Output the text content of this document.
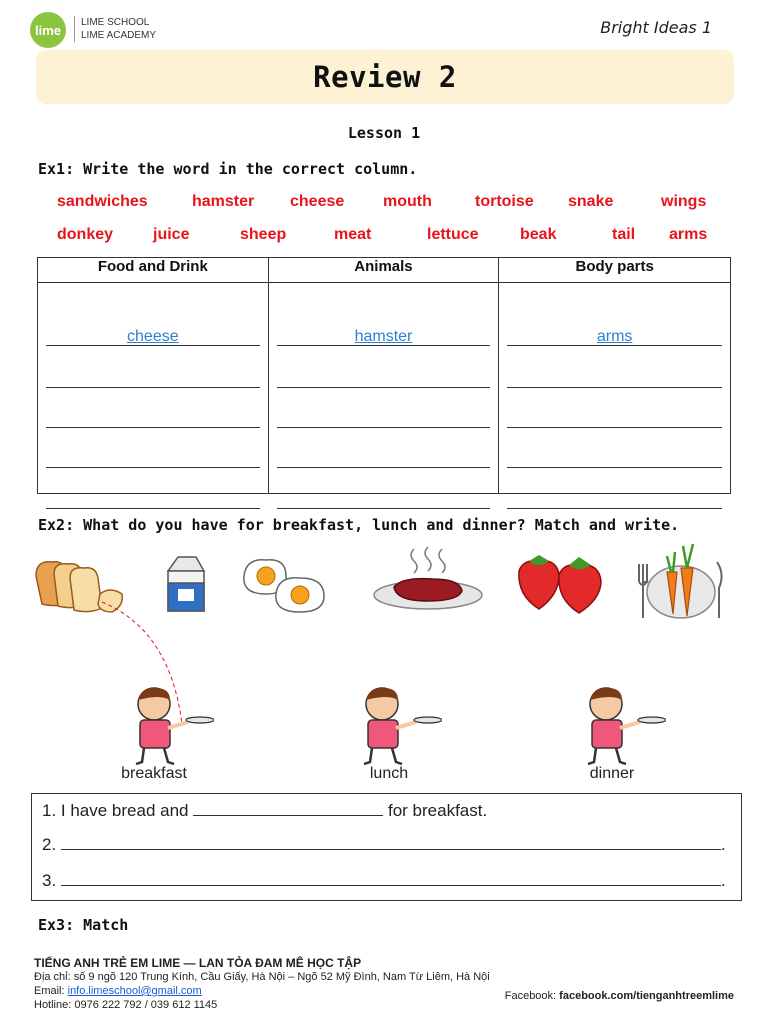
lime	LIME SCHOOL
LIME ACADEMY	Bright Ideas 1
Review 2
Lesson 1
Ex1: Write the word in the correct column.
sandwiches	hamster cheese mouth	tortoise snake	wings
donkey juice	sheep	meat	lettuce	beak	tail arms
Food and Drink	Animals	Body parts

cheese	hamster	arms
Ex2: What do you have for breakfast, lunch and dinner? Match and write.
breakfast	lunch	dinner
1. I have bread and	for breakfast.
2.	.
3.	.
Ex3: Match
TIẾNG ANH TRẺ EM LIME — LAN TỎA ĐAM MÊ HỌC TẬP
Địa chỉ: số 9 ngõ 120 Trung Kính, Cầu Giấy, Hà Nội – Ngõ 52 Mỹ Đình, Nam Từ Liêm, Hà Nội
Email: info.limeschool@gmail.com
Hotline: 0976 222 792 / 039 612 1145
Facebook: facebook.com/tienganhtreemlime
